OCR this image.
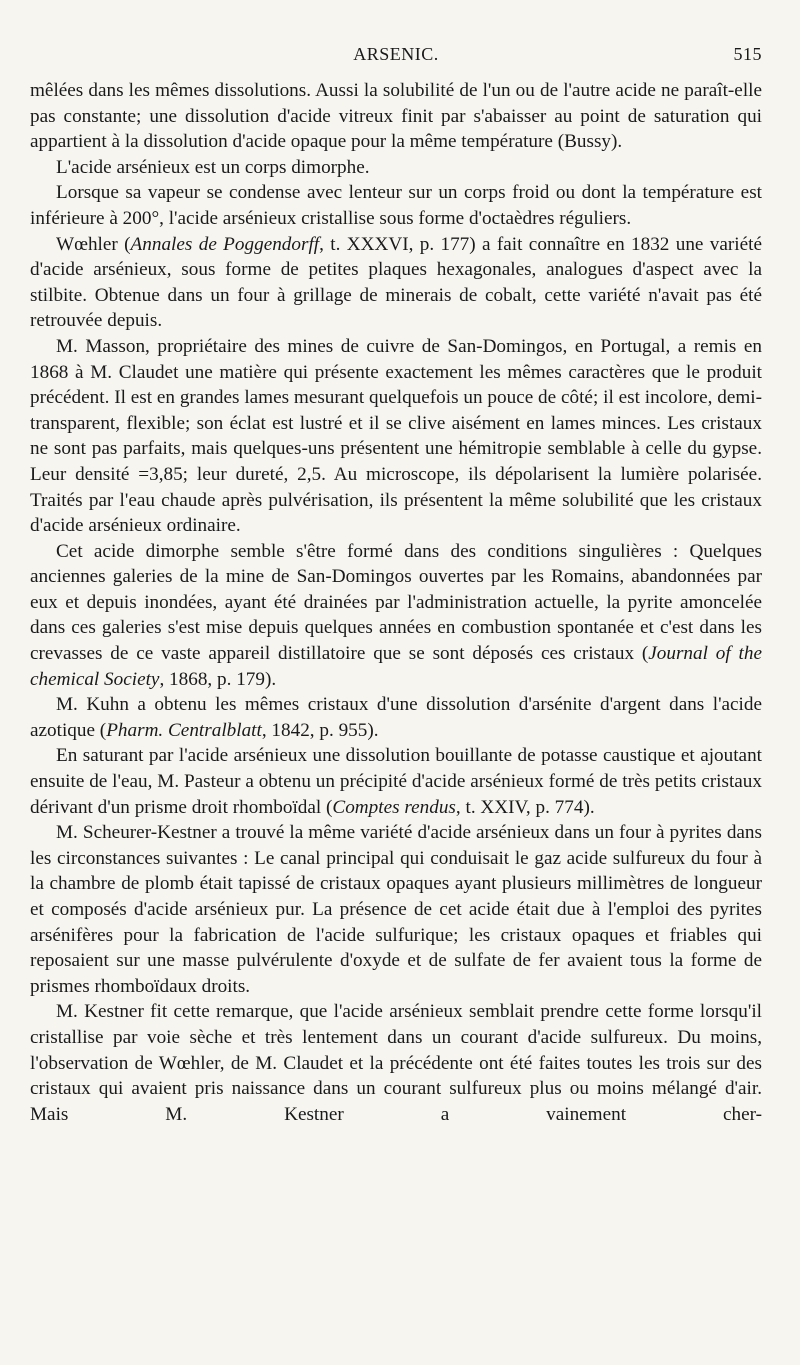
ARSENIC.	515

mêlées dans les mêmes dissolutions. Aussi la solubilité de l'un ou de l'autre acide ne paraît-elle pas constante; une dissolution d'acide vitreux finit par s'abaisser au point de saturation qui appartient à la dissolution d'acide opaque pour la même température (Bussy).

L'acide arsénieux est un corps dimorphe.

Lorsque sa vapeur se condense avec lenteur sur un corps froid ou dont la température est inférieure à 200°, l'acide arsénieux cristallise sous forme d'octaèdres réguliers.

Wœhler (Annales de Poggendorff, t. XXXVI, p. 177) a fait connaître en 1832 une variété d'acide arsénieux, sous forme de petites plaques hexagonales, analogues d'aspect avec la stilbite. Obtenue dans un four à grillage de minerais de cobalt, cette variété n'avait pas été retrouvée depuis.

M. Masson, propriétaire des mines de cuivre de San-Domingos, en Portugal, a remis en 1868 à M. Claudet une matière qui présente exactement les mêmes caractères que le produit précédent. Il est en grandes lames mesurant quelquefois un pouce de côté; il est incolore, demi-transparent, flexible; son éclat est lustré et il se clive aisément en lames minces. Les cristaux ne sont pas parfaits, mais quelques-uns présentent une hémitropie semblable à celle du gypse. Leur densité =3,85; leur dureté, 2,5. Au microscope, ils dépolarisent la lumière polarisée. Traités par l'eau chaude après pulvérisation, ils présentent la même solubilité que les cristaux d'acide arsénieux ordinaire.

Cet acide dimorphe semble s'être formé dans des conditions singulières : Quelques anciennes galeries de la mine de San-Domingos ouvertes par les Romains, abandonnées par eux et depuis inondées, ayant été drainées par l'administration actuelle, la pyrite amoncelée dans ces galeries s'est mise depuis quelques années en combustion spontanée et c'est dans les crevasses de ce vaste appareil distillatoire que se sont déposés ces cristaux (Journal of the chemical Society, 1868, p. 179).

M. Kuhn a obtenu les mêmes cristaux d'une dissolution d'arsénite d'argent dans l'acide azotique (Pharm. Centralblatt, 1842, p. 955).

En saturant par l'acide arsénieux une dissolution bouillante de potasse caustique et ajoutant ensuite de l'eau, M. Pasteur a obtenu un précipité d'acide arsénieux formé de très petits cristaux dérivant d'un prisme droit rhomboïdal (Comptes rendus, t. XXIV, p. 774).

M. Scheurer-Kestner a trouvé la même variété d'acide arsénieux dans un four à pyrites dans les circonstances suivantes : Le canal principal qui conduisait le gaz acide sulfureux du four à la chambre de plomb était tapissé de cristaux opaques ayant plusieurs millimètres de longueur et composés d'acide arsénieux pur. La présence de cet acide était due à l'emploi des pyrites arsénifères pour la fabrication de l'acide sulfurique; les cristaux opaques et friables qui reposaient sur une masse pulvérulente d'oxyde et de sulfate de fer avaient tous la forme de prismes rhomboïdaux droits.

M. Kestner fit cette remarque, que l'acide arsénieux semblait prendre cette forme lorsqu'il cristallise par voie sèche et très lentement dans un courant d'acide sulfureux. Du moins, l'observation de Wœhler, de M. Claudet et la précédente ont été faites toutes les trois sur des cristaux qui avaient pris naissance dans un courant sulfureux plus ou moins mélangé d'air. Mais M. Kestner a vainement cher-
